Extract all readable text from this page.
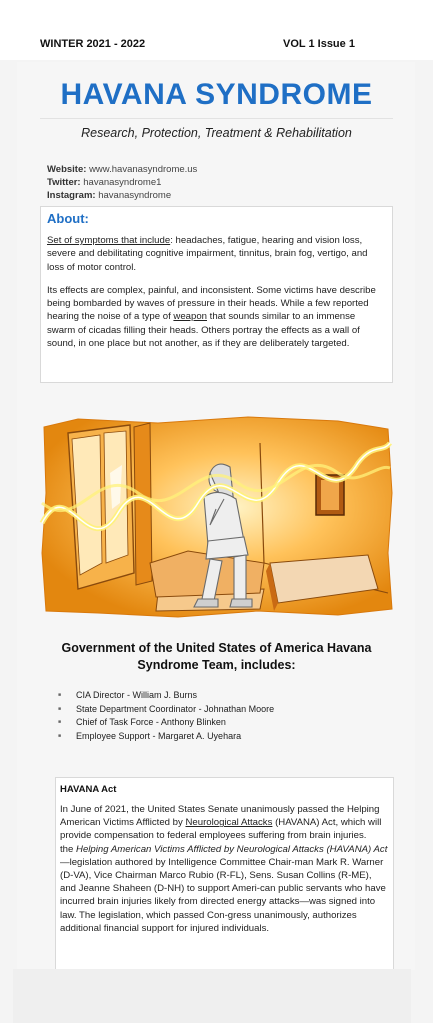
WINTER 2021 - 2022	VOL 1 Issue 1
HAVANA SYNDROME
Research, Protection, Treatment & Rehabilitation
Website: www.havanasyndrome.us
Twitter: havanasyndrome1
Instagram: havanasyndrome
About:

Set of symptoms that include: headaches, fatigue, hearing and vision loss, severe and debilitating cognitive impairment, tinnitus, brain fog, vertigo, and loss of motor control.

Its effects are complex, painful, and inconsistent. Some victims have describe being bombarded by waves of pressure in their heads. While a few reported hearing the noise of a type of weapon that sounds similar to an immense swarm of cicadas filling their heads. Others portray the effects as a wall of sound, in one place but not another, as if they are deliberately targeted.

Government of the United States of America Havana Syndrome Team, includes:
■ CIA Director - William J. Burns
■ State Department Coordinator - Johnathan Moore
■ Chief of Task Force - Anthony Blinken
■ Employee Support - Margaret A. Uyehara
HAVANA Act

In June of 2021, the United States Senate unanimously passed the Helping American Victims Afflicted by Neurological Attacks (HAVANA) Act, which will provide compensation to federal employees suffering from brain injuries.

the Helping American Victims Afflicted by Neurological Attacks (HAVANA) Act—legislation authored by Intelligence Committee Chair-man Mark R. Warner (D-VA), Vice Chairman Marco Rubio (R-FL), Sens. Susan Collins (R-ME), and Jeanne Shaheen (D-NH) to support Ameri-can public servants who have incurred brain injuries likely from directed energy attacks—was signed into law. The legislation, which passed Con-gress unanimously, authorizes additional financial support for injured individuals.
